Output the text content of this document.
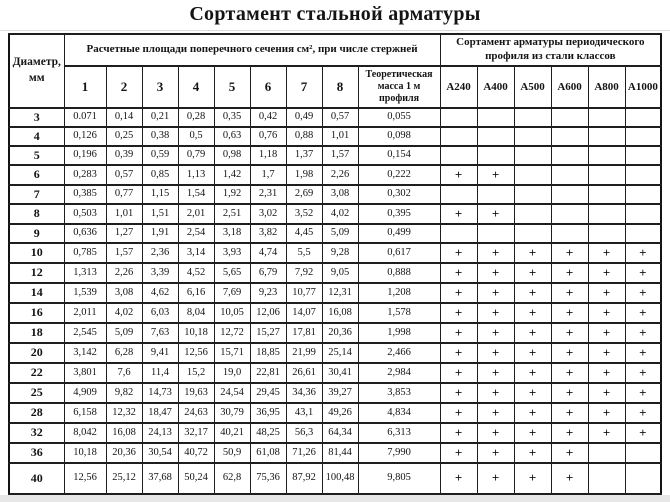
Сортамент стальной арматуры
Диаметр, мм	Расчетные площади поперечного сечения см², при числе стержней									Сортамент арматуры периодического профиля из стали классов					
	1	2	3	4	5	6	7	8	Теоретическая масса 1 м профиля	А240	А400	А500	А600	А800	А1000
3	0.071	0,14	0,21	0,28	0,35	0,42	0,49	0,57	0,055						
4	0,126	0,25	0,38	0,5	0,63	0,76	0,88	1,01	0,098						
5	0,196	0,39	0,59	0,79	0,98	1,18	1,37	1,57	0,154						
6	0,283	0,57	0,85	1,13	1,42	1,7	1,98	2,26	0,222	+	+				
7	0,385	0,77	1,15	1,54	1,92	2,31	2,69	3,08	0,302						
8	0,503	1,01	1,51	2,01	2,51	3,02	3,52	4,02	0,395	+	+				
9	0,636	1,27	1,91	2,54	3,18	3,82	4,45	5,09	0,499						
10	0,785	1,57	2,36	3,14	3,93	4,74	5,5	9,28	0,617	+	+	+	+	+	+
12	1,313	2,26	3,39	4,52	5,65	6,79	7,92	9,05	0,888	+	+	+	+	+	+
14	1,539	3,08	4,62	6,16	7,69	9,23	10,77	12,31	1,208	+	+	+	+	+	+
16	2,011	4,02	6,03	8,04	10,05	12,06	14,07	16,08	1,578	+	+	+	+	+	+
18	2,545	5,09	7,63	10,18	12,72	15,27	17,81	20,36	1,998	+	+	+	+	+	+
20	3,142	6,28	9,41	12,56	15,71	18,85	21,99	25,14	2,466	+	+	+	+	+	+
22	3,801	7,6	11,4	15,2	19,0	22,81	26,61	30,41	2,984	+	+	+	+	+	+
25	4,909	9,82	14,73	19,63	24,54	29,45	34,36	39,27	3,853	+	+	+	+	+	+
28	6,158	12,32	18,47	24,63	30,79	36,95	43,1	49,26	4,834	+	+	+	+	+	+
32	8,042	16,08	24,13	32,17	40,21	48,25	56,3	64,34	6,313	+	+	+	+	+	+
36	10,18	20,36	30,54	40,72	50,9	61,08	71,26	81,44	7,990	+	+	+	+		
40	12,56	25,12	37,68	50,24	62,8	75,36	87,92	100,48	9,805	+	+	+	+		
